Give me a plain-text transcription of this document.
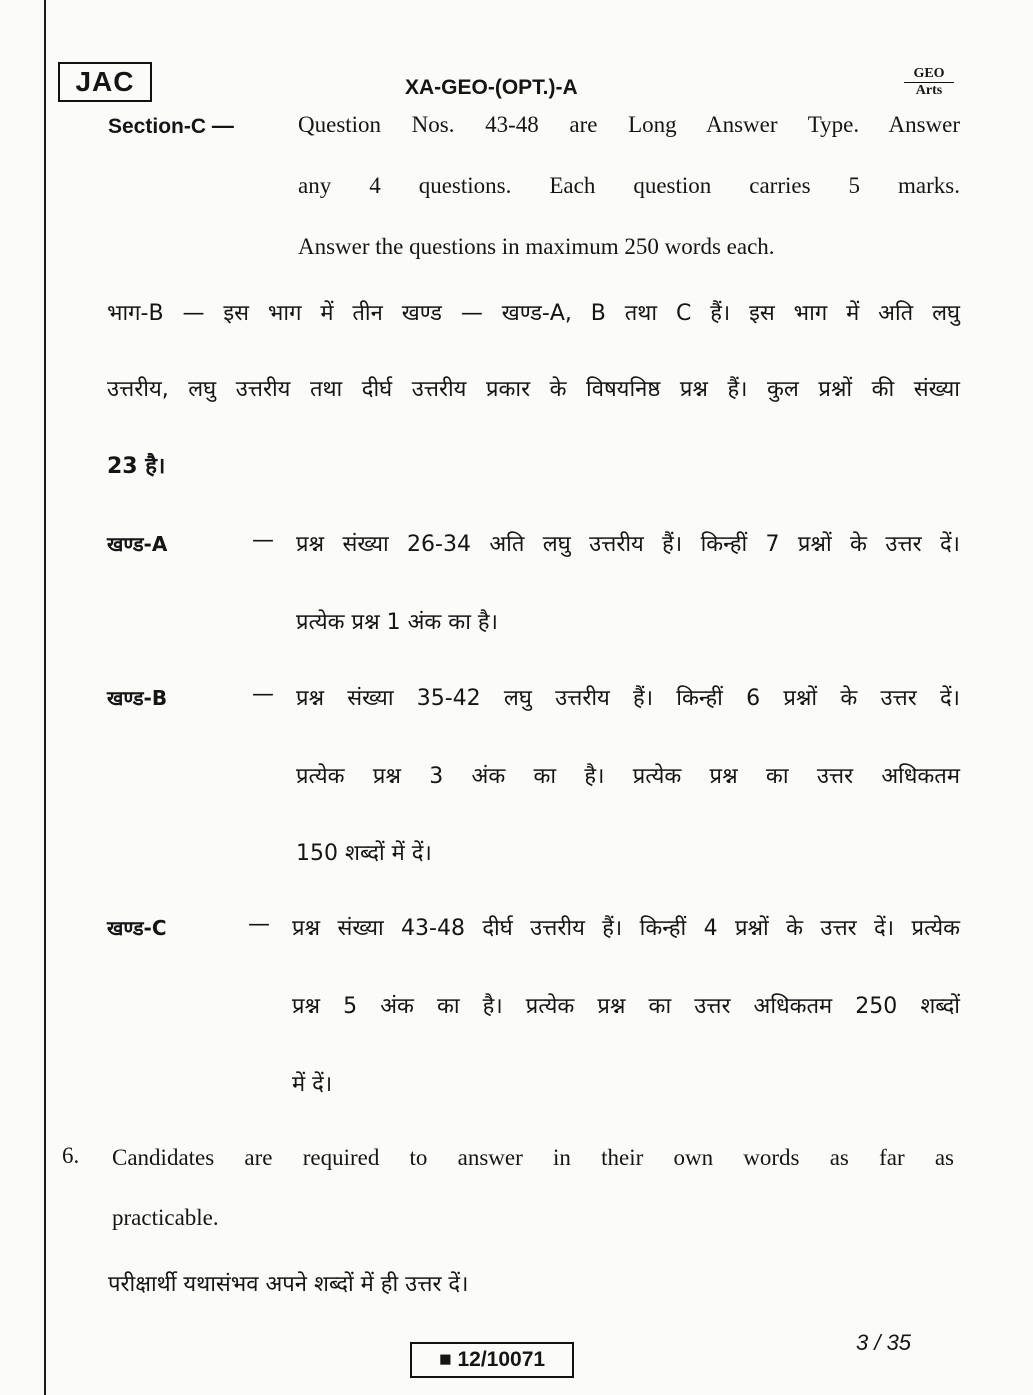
JAC	XA-GEO-(OPT.)-A
GEO
Arts
Section-C —	Question Nos. 43-48 are Long Answer Type. Answer
any 4 questions. Each question carries 5 marks.
Answer the questions in maximum 250 words each.
भाग-B — इस भाग में तीन खण्ड — खण्ड-A, B तथा C हैं। इस भाग में अति लघु
उत्तरीय, लघु उत्तरीय तथा दीर्घ उत्तरीय प्रकार के विषयनिष्ठ प्रश्न हैं। कुल प्रश्नों की संख्या
23 है।
खण्ड-A	— प्रश्न संख्या 26-34 अति लघु उत्तरीय हैं। किन्हीं 7 प्रश्नों के उत्तर दें।
प्रत्येक प्रश्न 1 अंक का है।
खण्ड-B	— प्रश्न संख्या 35-42 लघु उत्तरीय हैं। किन्हीं 6 प्रश्नों के उत्तर दें।
प्रत्येक प्रश्न 3 अंक का है। प्रत्येक प्रश्न का उत्तर अधिकतम
150 शब्दों में दें।
खण्ड-C	— प्रश्न संख्या 43-48 दीर्घ उत्तरीय हैं। किन्हीं 4 प्रश्नों के उत्तर दें। प्रत्येक
प्रश्न 5 अंक का है। प्रत्येक प्रश्न का उत्तर अधिकतम 250 शब्दों
में दें।
6. Candidates are required to answer in their own words as far as
practicable.
परीक्षार्थी यथासंभव अपने शब्दों में ही उत्तर दें।
■ 12/10071
3 / 35
